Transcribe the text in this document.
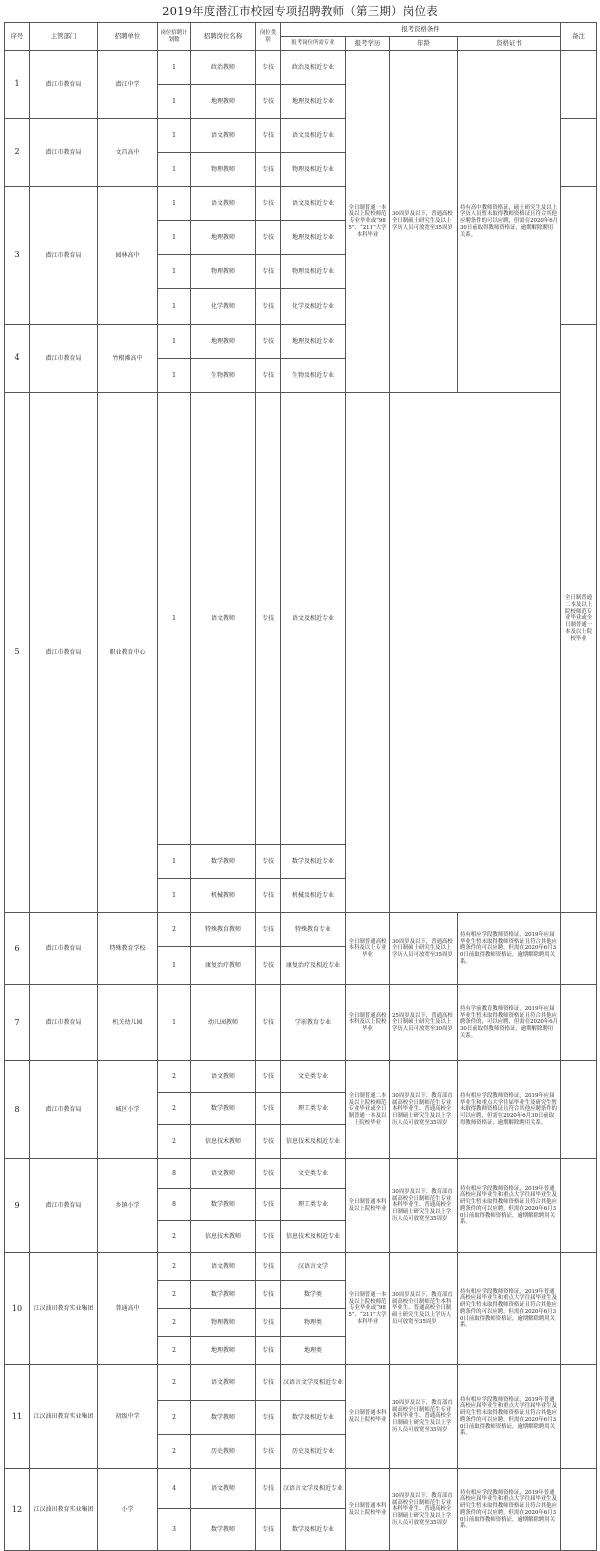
2019年度潜江市校园专项招聘教师（第三期）岗位表
序号	主管部门	招聘单位	岗位招聘计划数	招聘岗位名称	岗位类别	报考资格条件				备注	
						报考岗位所需专业	报考学历	年龄	资格证书		
1	潜江市教育局	潜江中学	1	政治教师	专技	政治及相近专业	全日制普通一本及以上院校师范专业毕业或“985”、“211”大学本科毕业	30周岁及以下，普通高校全日制硕士研究生及以上学历人员可放宽至35周岁	持有高中教师资格证，硕士研究生及以上学历人员暂未取得教师资格证且符合其他应聘条件的可以应聘，但需在2020年6月30日前取得教师资格证，逾期解除聘用关系。		
			1	地理教师	专技	地理及相近专业					
2	潜江市教育局	文昌高中	1	语文教师	专技	语文及相近专业					
			1	物理教师	专技	物理及相近专业					
3	潜江市教育局	园林高中	1	语文教师	专技	语文及相近专业					
			1	地理教师	专技	地理及相近专业					
			1	物理教师	专技	物理及相近专业					
			1	化学教师	专技	化学及相近专业					
4	潜江市教育局	竹根滩高中	1	地理教师	专技	地理及相近专业				全日制普通二本及以上院校师范专业毕业或全日制普通一本及以上院校毕业			
			1	生物教师	专技	生物及相近专业					
5	潜江市教育局	职业教育中心	1	语文教师	专技	语文及相近专业					
			1	数学教师	专技	数学及相近专业					
			1	机械教师	专技	机械及相近专业					
6	潜江市教育局	特殊教育学校	2	特殊教育教师	专技	特殊教育专业	全日制普通高校本科及以上专业毕业	30周岁及以下，普通高校全日制硕士研究生及以上学历人员可放宽至35周岁	持有相应学段教师资格证，2019年应届毕业生暂未取得教师资格证且符合其他应聘条件的可以应聘，但需在2020年6月30日前取得教师资格证，逾期解除聘用关系。		
			1	康复治疗教师	专技	康复治疗及相近专业					
7	潜江市教育局	机关幼儿园	1	幼儿园教师	专技	学前教育专业	全日制普通高校本科及以上院校毕业	25周岁及以下，普通高校全日制硕士研究生及以上学历人员可放宽至30周岁	持有学前教育教师资格证，2019年应届毕业生暂未取得教师资格证且符合其他应聘条件的，可以应聘，但需在2020年6月30日前取得教师资格证，逾期解除聘用关系。		
8	潜江市教育局	城区小学	2	语文教师	专技	文史类专业	全日制普通二本及以上院校师范专业毕业或全日制普通一本及以上院校毕业	30周岁及以下，教育部直属高校全日制师范生专业本科毕业生、普通高校全日制硕士研究生及以上学历人员可放宽至35周岁	持有相应学段教师资格证，2019年应届毕业生和重点大学往届毕业生及研究生暂未取得教师资格证且符合其他应聘条件的可以应聘，但需在2020年6月30日前取得教师资格证，逾期解除聘用关系。		
			2	数学教师	专技	理工类专业					
			2	信息技术教师	专技	信息技术及相近专业					
9	潜江市教育局	乡镇小学	8	语文教师	专技	文史类专业	全日制普通本科及以上院校毕业	30周岁及以下，教育部直属高校全日制师范生专业本科毕业生、普通高校全日制硕士研究生及以上学历人员可放宽至35周岁	持有相应学段教师资格证，2019年普通高校应届毕业生和重点大学往届毕业生及研究生暂未取得教师资格证且符合其他应聘条件的可以应聘，但需在2020年6月30日前取得教师资格证，逾期解除聘用关系。		
			8	数学教师	专技	理工类专业					
			2	信息技术教师	专技	信息技术及相近专业					
10	江汉油田教育实业集团	普通高中	2	语文教师	专技	汉语言文学	全日制普通一本及以上院校师范专业毕业或“985”、“211”大学本科毕业	30周岁及以下，教育部直属高校全日制师范生本科毕业生、普通高校全日制硕士研究生及以上学历人员可放宽至35周岁	持有相应学段教师资格证，2019年普通高校应届毕业生和重点大学往届毕业生及研究生暂未取得教师资格证且符合其他应聘条件的可以应聘，但需在2020年6月30日前取得教师资格证，逾期解除聘用关系。		
			2	数学教师	专技	数学类					
			2	物理教师	专技	物理类					
			2	地理教师	专技	地理类					
11	江汉油田教育实业集团	初级中学	2	语文教师	专技	汉语言文学及相近专业	全日制普通本科及以上院校毕业	30周岁及以下，教育部直属高校全日制师范生专业本科毕业生、普通高校全日制硕士研究生及以上学历人员可放宽至35周岁	持有相应学段教师资格证，2019年普通高校应届毕业生和重点大学往届毕业生及研究生暂未取得教师资格证且符合其他应聘条件的可以应聘，但需在2020年6月30日前取得教师资格证，逾期解除聘用关系。		
			2	数学教师	专技	数学及相近专业					
			2	历史教师	专技	历史及相近专业					
12	江汉油田教育实业集团	小学	4	语文教师	专技	汉语言文学及相近专业	全日制普通本科及以上院校毕业	30周岁及以下，教育部直属高校全日制师范生专业本科毕业生、普通高校全日制硕士研究生及以上学历人员可放宽至35周岁	持有相应学段教师资格证，2019年普通高校应届毕业生和重点大学往届毕业生及研究生暂未取得教师资格证且符合其他应聘条件的可以应聘，但需在2020年6月30日前取得教师资格证，逾期解除聘用关系。		
			3	数学教师	专技	数学及相近专业					
